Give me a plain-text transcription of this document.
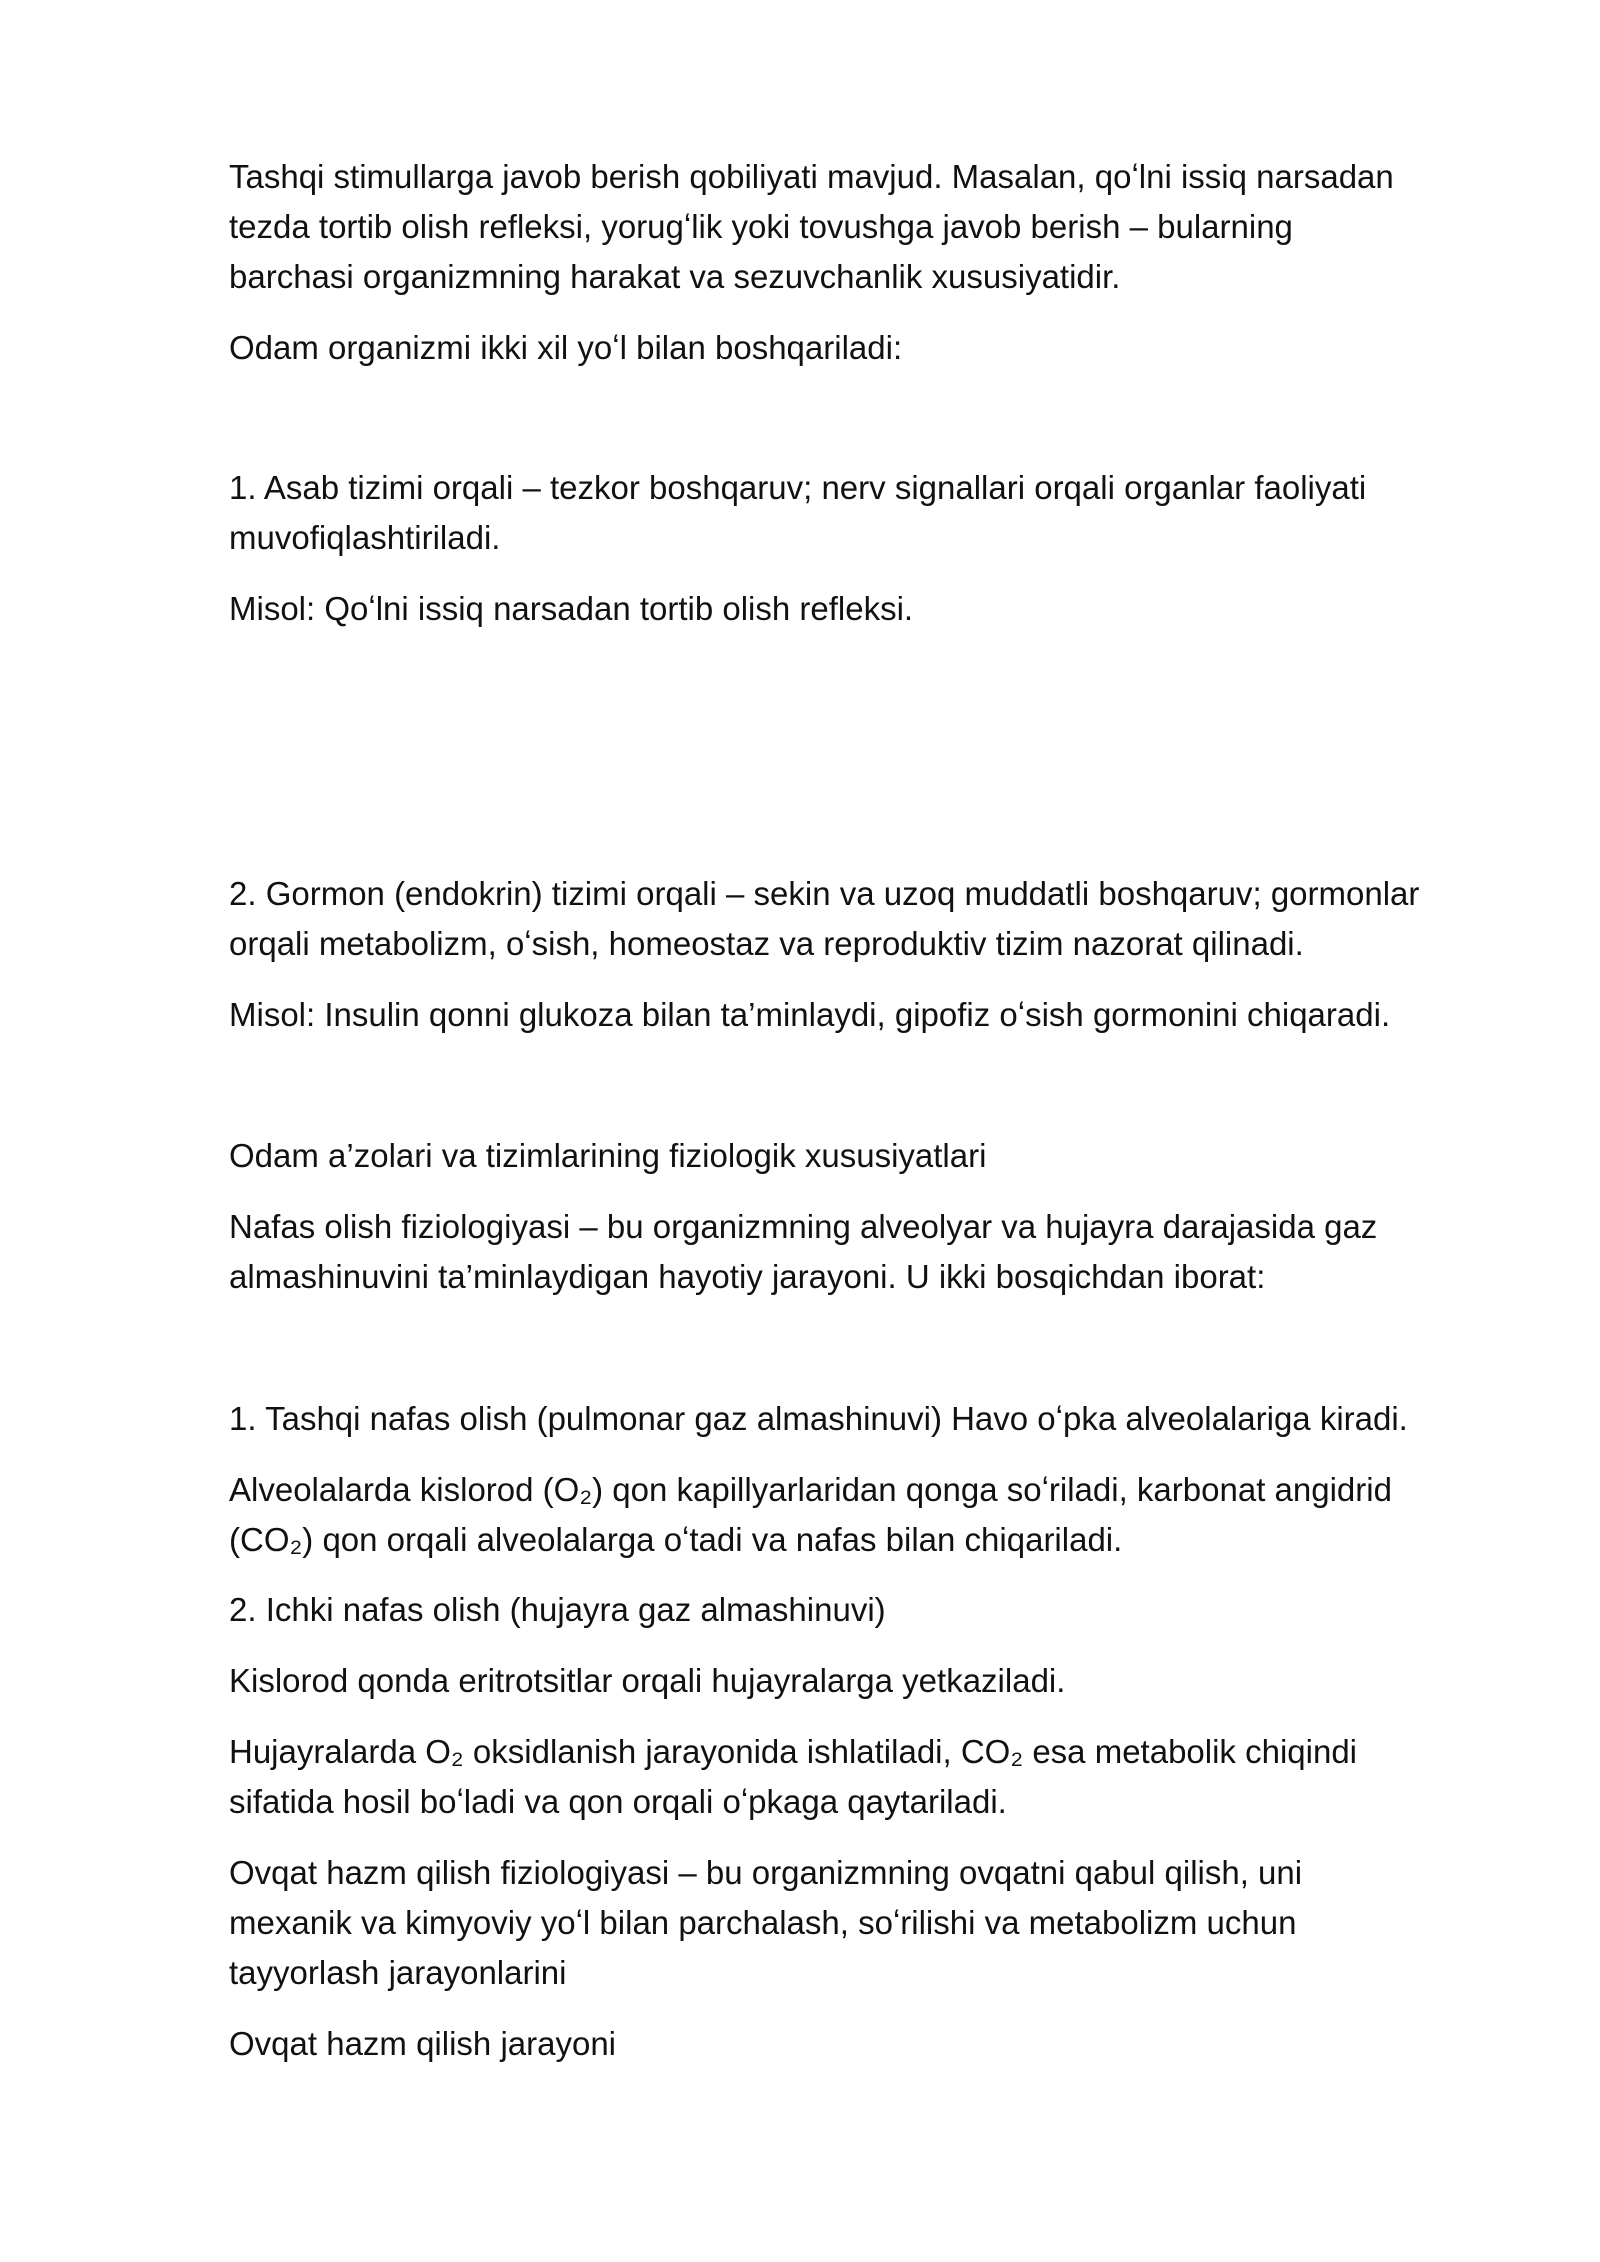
Tashqi stimullarga javob berish qobiliyati mavjud. Masalan, qoʻlni issiq narsadan

tezda tortib olish refleksi, yorugʻlik yoki tovushga javob berish – bularning

barchasi organizmning harakat va sezuvchanlik xususiyatidir.

Odam organizmi ikki xil yoʻl bilan boshqariladi:

1. Asab tizimi orqali – tezkor boshqaruv; nerv signallari orqali organlar faoliyati

muvofiqlashtiriladi.

Misol: Qoʻlni issiq narsadan tortib olish refleksi.

2. Gormon (endokrin) tizimi orqali – sekin va uzoq muddatli boshqaruv; gormonlar

orqali metabolizm, oʻsish, homeostaz va reproduktiv tizim nazorat qilinadi.

Misol: Insulin qonni glukoza bilan ta’minlaydi, gipofiz oʻsish gormonini chiqaradi.

Odam a’zolari va tizimlarining fiziologik xususiyatlari

Nafas olish fiziologiyasi – bu organizmning alveolyar va hujayra darajasida gaz

almashinuvini ta’minlaydigan hayotiy jarayoni. U ikki bosqichdan iborat:

1. Tashqi nafas olish (pulmonar gaz almashinuvi) Havo oʻpka alveolalariga kiradi.

Alveolalarda kislorod (O₂) qon kapillyarlaridan qonga soʻriladi, karbonat angidrid

(CO₂) qon orqali alveolalarga oʻtadi va nafas bilan chiqariladi.

2. Ichki nafas olish (hujayra gaz almashinuvi)

Kislorod qonda eritrotsitlar orqali hujayralarga yetkaziladi.

Hujayralarda O₂ oksidlanish jarayonida ishlatiladi, CO₂ esa metabolik chiqindi

sifatida hosil boʻladi va qon orqali oʻpkaga qaytariladi.

Ovqat hazm qilish fiziologiyasi – bu organizmning ovqatni qabul qilish, uni

mexanik va kimyoviy yoʻl bilan parchalash, soʻrilishi va metabolizm uchun

tayyorlash jarayonlarini

Ovqat hazm qilish jarayoni
